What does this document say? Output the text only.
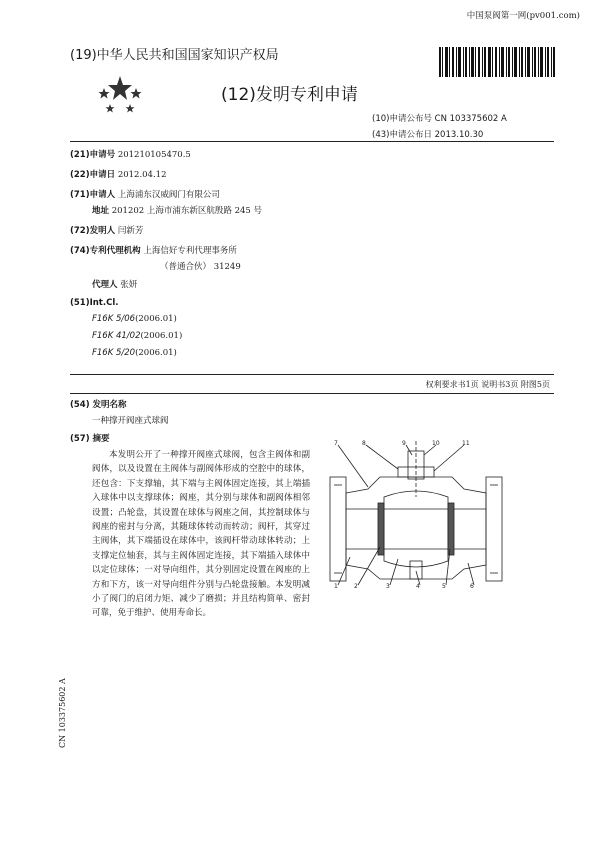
中国泵阀第一网(pv001.com)
(19)中华人民共和国国家知识产权局
(12)发明专利申请
(10)申请公布号 CN 103375602 A
(43)申请公布日 2013.10.30
(21)申请号 201210105470.5
(22)申请日 2012.04.12
(71)申请人 上海浦东汉威阀门有限公司
地址 201202 上海市浦东新区航殷路 245 号
(72)发明人 闫新芳
(74)专利代理机构 上海信好专利代理事务所
（普通合伙） 31249
代理人 张妍
(51)Int.Cl.
F16K 5/06(2006.01)
F16K 41/02(2006.01)
F16K 5/20(2006.01)
权利要求书1页 说明书3页 附图5页
(54) 发明名称
一种撑开阀座式球阀
(57) 摘要
本发明公开了一种撑开阀座式球阀，包含主阀体和副阀体，以及设置在主阀体与副阀体形成的空腔中的球体，还包含：下支撑轴，其下端与主阀体固定连接，其上端插入球体中以支撑球体；阀座，其分别与球体和副阀体相邻设置；凸轮盘，其设置在球体与阀座之间，其控制球体与阀座的密封与分离，其随球体转动而转动；阀杆，其穿过主阀体，其下端插设在球体中，该阀杆带动球体转动；上支撑定位轴套，其与主阀体固定连接，其下端插入球体中以定位球体；一对导向组件，其分别固定设置在阀座的上方和下方，该一对导向组件分别与凸轮盘接触。本发明减小了阀门的启闭力矩、减少了磨损；并且结构简单、密封可靠，免于维护、使用寿命长。
7	8	9	10	11
1	2	3	4	5	6
CN 103375602 A
